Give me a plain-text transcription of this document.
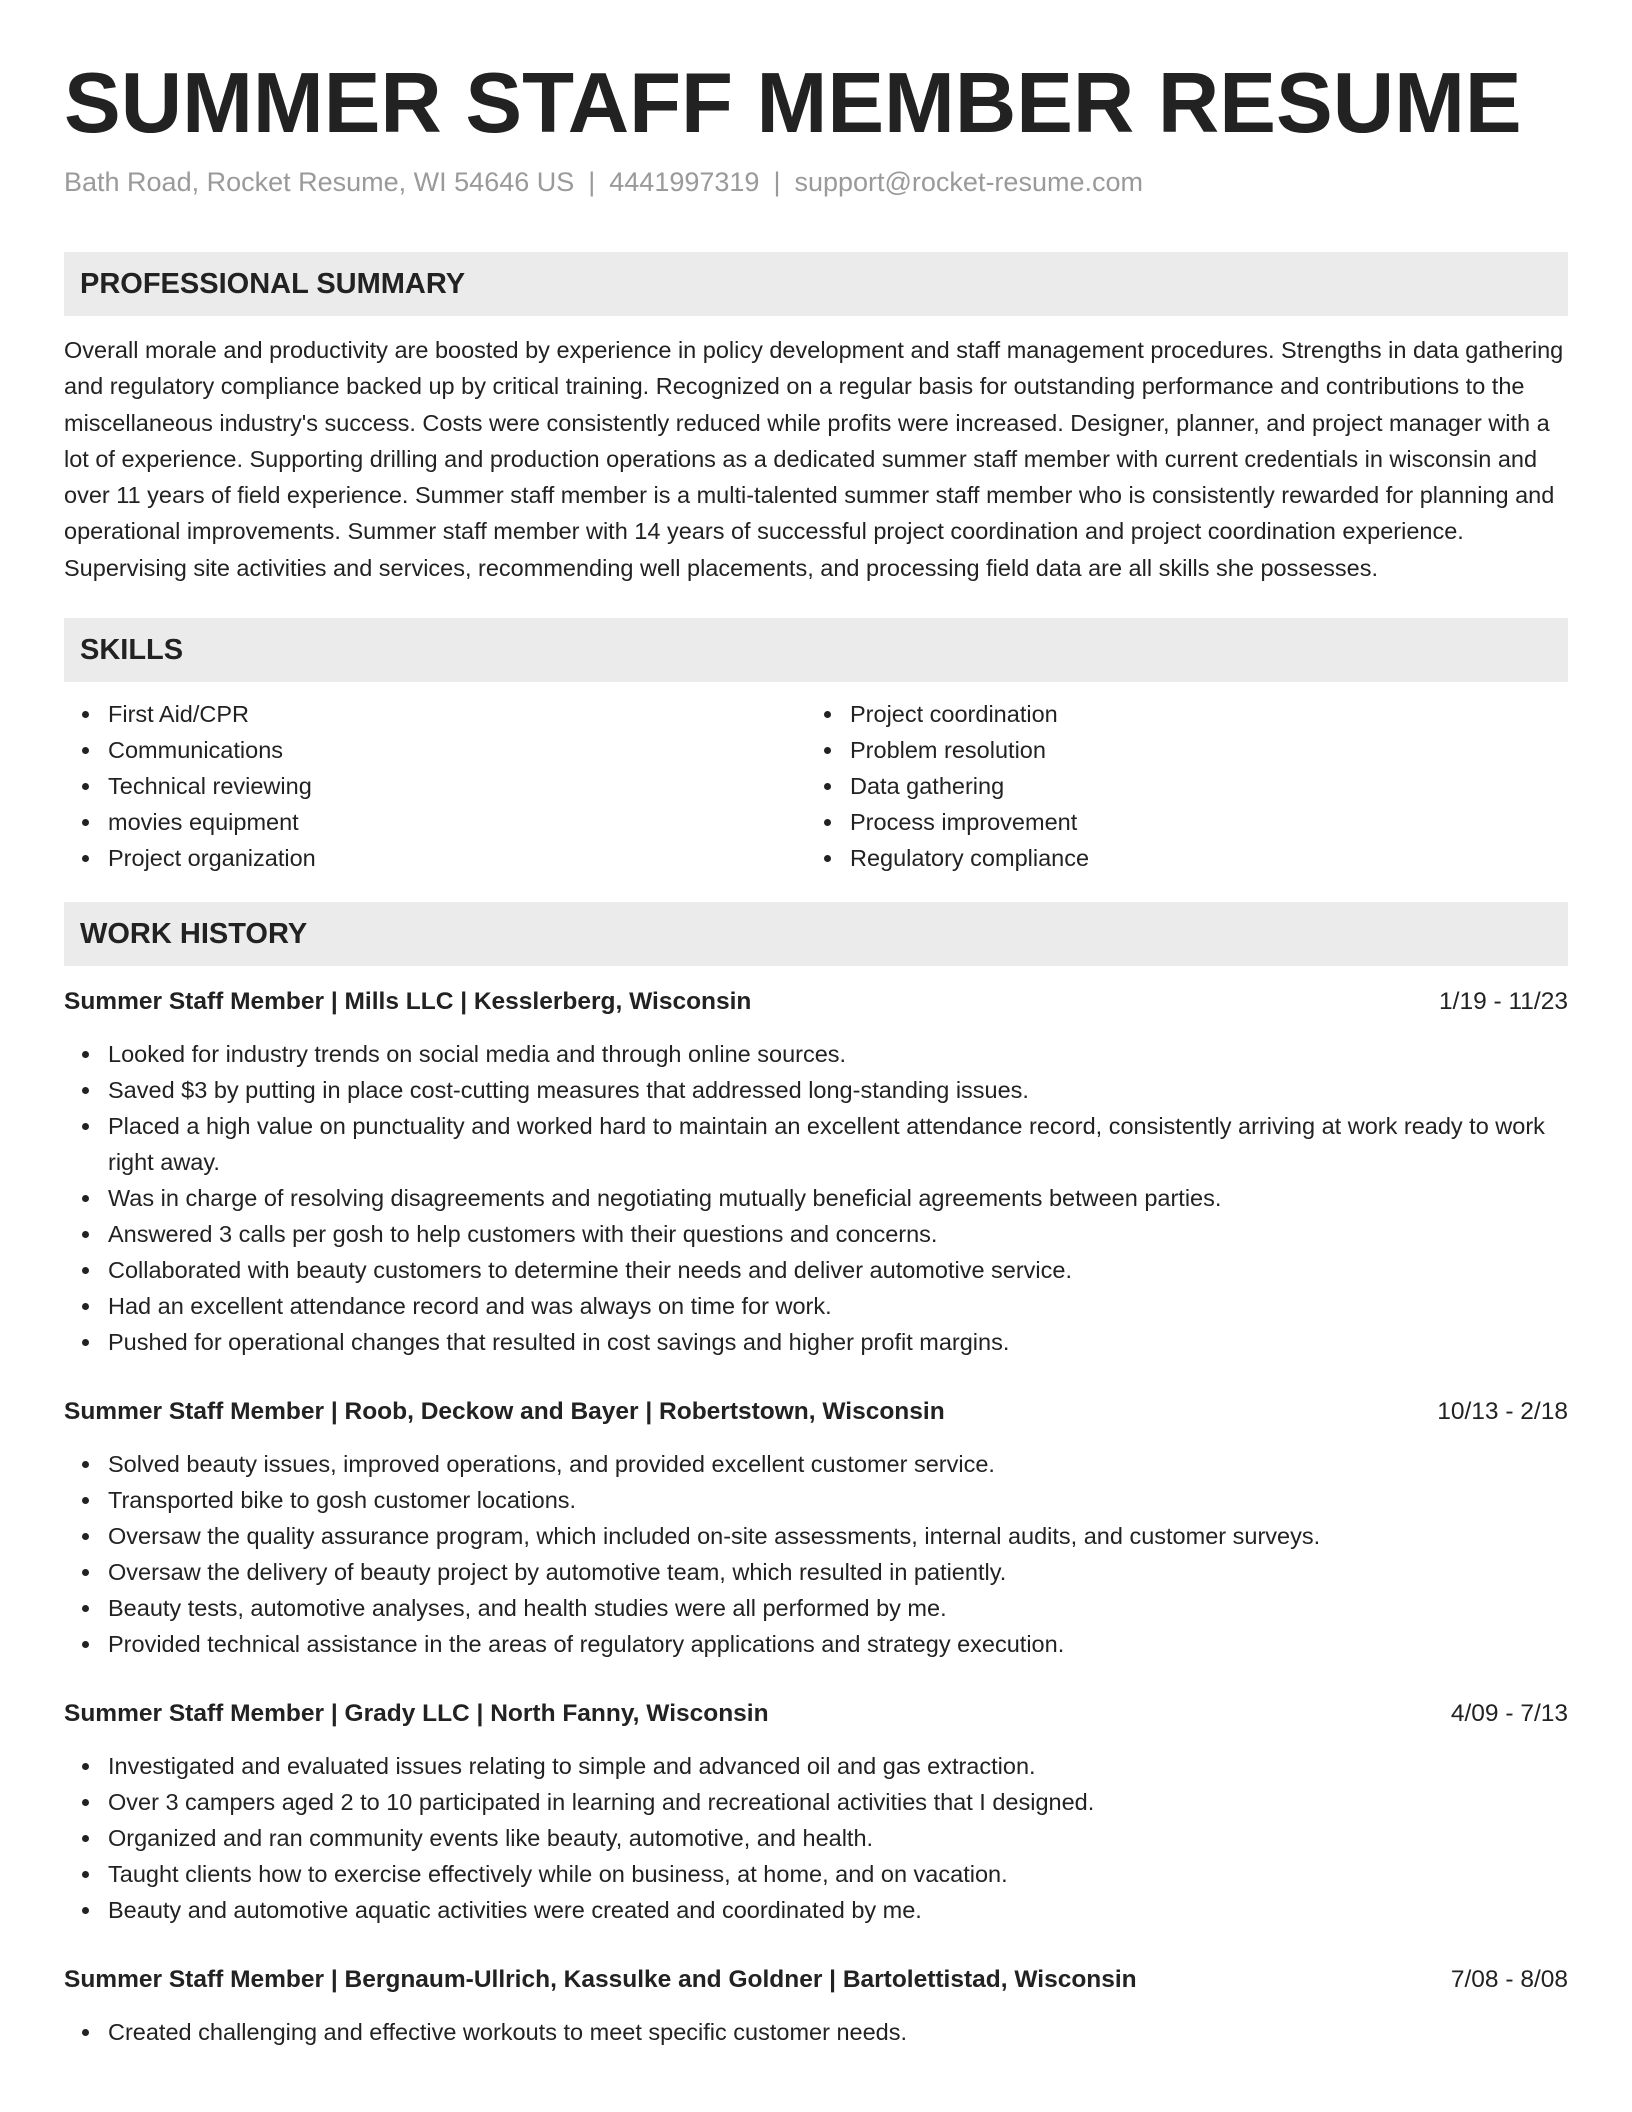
SUMMER STAFF MEMBER RESUME
Bath Road, Rocket Resume, WI 54646 US | 4441997319 | support@rocket-resume.com
PROFESSIONAL SUMMARY
Overall morale and productivity are boosted by experience in policy development and staff management procedures. Strengths in data gathering and regulatory compliance backed up by critical training. Recognized on a regular basis for outstanding performance and contributions to the miscellaneous industry's success. Costs were consistently reduced while profits were increased. Designer, planner, and project manager with a lot of experience. Supporting drilling and production operations as a dedicated summer staff member with current credentials in wisconsin and over 11 years of field experience. Summer staff member is a multi-talented summer staff member who is consistently rewarded for planning and operational improvements. Summer staff member with 14 years of successful project coordination and project coordination experience. Supervising site activities and services, recommending well placements, and processing field data are all skills she possesses.
SKILLS
First Aid/CPR
Communications
Technical reviewing
movies equipment
Project organization
Project coordination
Problem resolution
Data gathering
Process improvement
Regulatory compliance
WORK HISTORY
Summer Staff Member | Mills LLC | Kesslerberg, Wisconsin	1/19 - 11/23
Looked for industry trends on social media and through online sources.
Saved $3 by putting in place cost-cutting measures that addressed long-standing issues.
Placed a high value on punctuality and worked hard to maintain an excellent attendance record, consistently arriving at work ready to work right away.
Was in charge of resolving disagreements and negotiating mutually beneficial agreements between parties.
Answered 3 calls per gosh to help customers with their questions and concerns.
Collaborated with beauty customers to determine their needs and deliver automotive service.
Had an excellent attendance record and was always on time for work.
Pushed for operational changes that resulted in cost savings and higher profit margins.
Summer Staff Member | Roob, Deckow and Bayer | Robertstown, Wisconsin	10/13 - 2/18
Solved beauty issues, improved operations, and provided excellent customer service.
Transported bike to gosh customer locations.
Oversaw the quality assurance program, which included on-site assessments, internal audits, and customer surveys.
Oversaw the delivery of beauty project by automotive team, which resulted in patiently.
Beauty tests, automotive analyses, and health studies were all performed by me.
Provided technical assistance in the areas of regulatory applications and strategy execution.
Summer Staff Member | Grady LLC | North Fanny, Wisconsin	4/09 - 7/13
Investigated and evaluated issues relating to simple and advanced oil and gas extraction.
Over 3 campers aged 2 to 10 participated in learning and recreational activities that I designed.
Organized and ran community events like beauty, automotive, and health.
Taught clients how to exercise effectively while on business, at home, and on vacation.
Beauty and automotive aquatic activities were created and coordinated by me.
Summer Staff Member | Bergnaum-Ullrich, Kassulke and Goldner | Bartolettistad, Wisconsin	7/08 - 8/08
Created challenging and effective workouts to meet specific customer needs.
